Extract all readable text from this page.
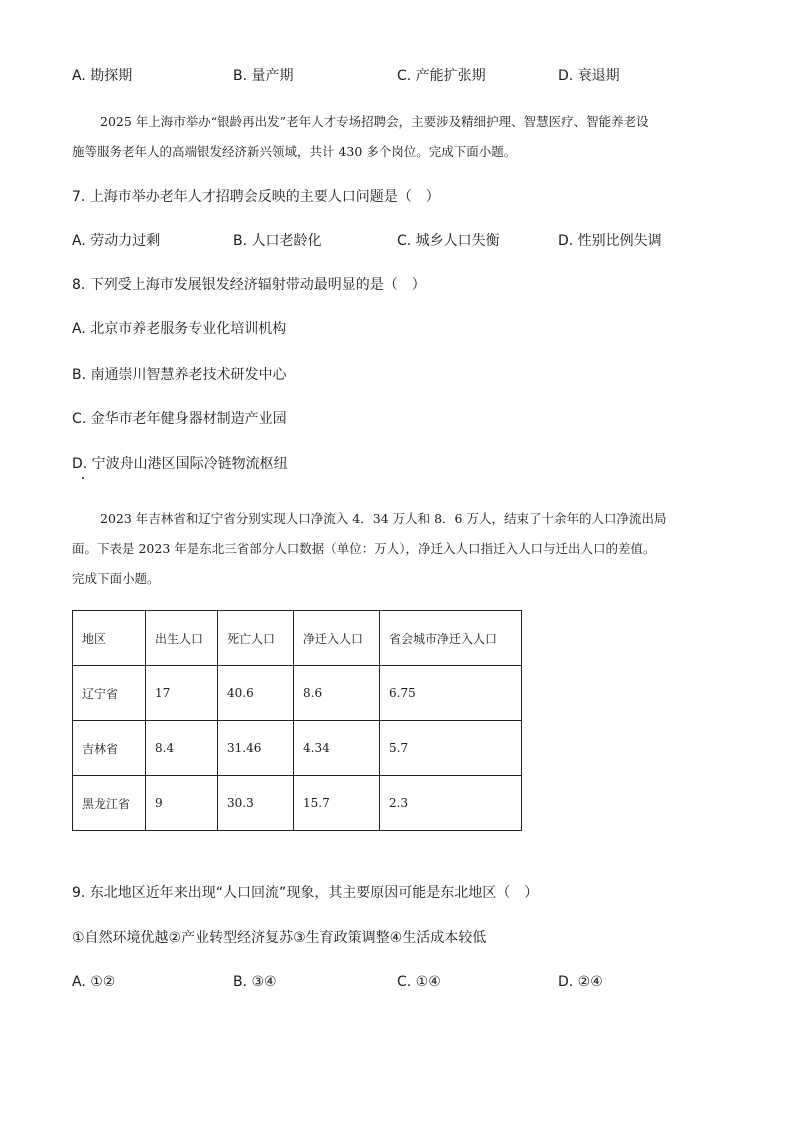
A. 勘探期	B. 量产期	C. 产能扩张期	D. 衰退期
2025 年上海市举办“银龄再出发”老年人才专场招聘会，主要涉及精细护理、智慧医疗、智能养老设
施等服务老年人的高端银发经济新兴领域，共计 430 多个岗位。完成下面小题。
7. 上海市举办老年人才招聘会反映的主要人口问题是（　）
A. 劳动力过剩	B. 人口老龄化	C. 城乡人口失衡	D. 性别比例失调
8. 下列受上海市发展银发经济辐射带动最明显的是（　）
A. 北京市养老服务专业化培训机构
B. 南通崇川智慧养老技术研发中心
C. 金华市老年健身器材制造产业园
D. 宁波舟山港区国际冷链物流枢纽
2023 年吉林省和辽宁省分别实现人口净流入 4．34 万人和 8．6 万人，结束了十余年的人口净流出局
面。下表是 2023 年是东北三省部分人口数据（单位：万人），净迁入人口指迁入人口与迁出人口的差值。
完成下面小题。
地区	出生人口	死亡人口	净迁入人口	省会城市净迁入人口
辽宁省	17	40.6	8.6	6.75
吉林省	8.4	31.46	4.34	5.7
黑龙江省	9	30.3	15.7	2.3
9. 东北地区近年来出现“人口回流”现象，其主要原因可能是东北地区（　）
①自然环境优越②产业转型经济复苏③生育政策调整④生活成本较低
A. ①②	B. ③④	C. ①④	D. ②④
